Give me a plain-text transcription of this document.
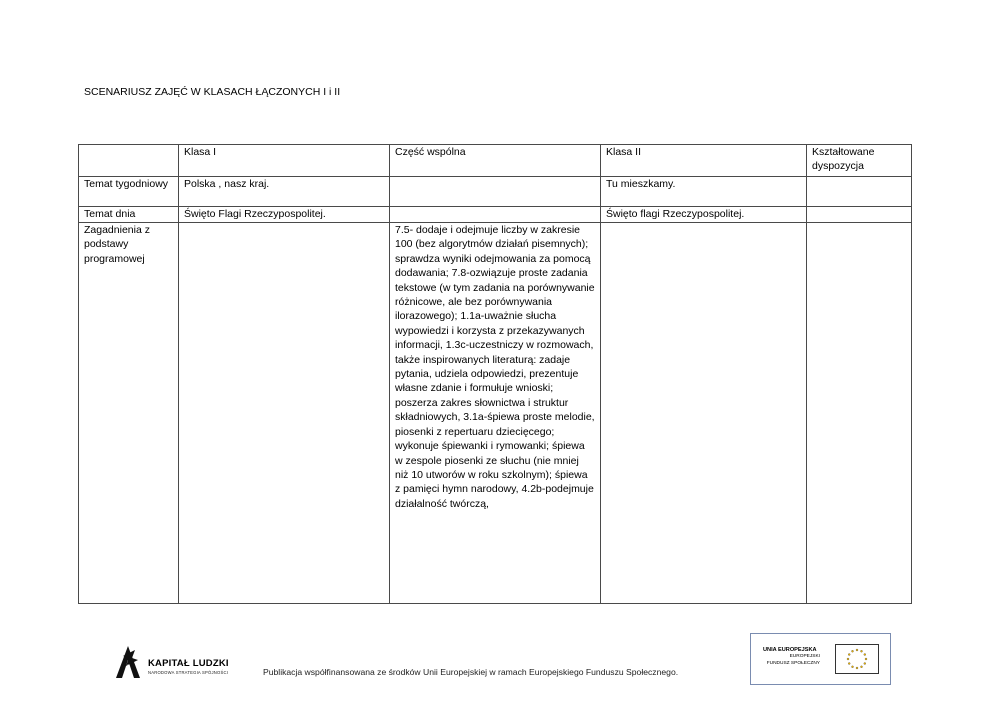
SCENARIUSZ ZAJĘĆ W KLASACH ŁĄCZONYCH I i II
	Klasa I	Część wspólna	Klasa II	Kształtowane dyspozycja
Temat tygodniowy	Polska , nasz kraj.		Tu mieszkamy.	
Temat dnia	Święto Flagi Rzeczypospolitej.		Święto flagi Rzeczypospolitej.	
Zagadnienia z podstawy programowej		7.5- dodaje i odejmuje liczby w zakresie 100 (bez algorytmów działań pisemnych); sprawdza wyniki odejmowania za pomocą dodawania; 7.8-ozwiązuje proste zadania tekstowe (w tym zadania na porównywanie różnicowe, ale bez porównywania ilorazowego); 1.1a-uważnie słucha wypowiedzi i korzysta z przekazywanych informacji, 1.3c-uczestniczy w rozmowach, także inspirowanych literaturą: zadaje pytania, udziela odpowiedzi, prezentuje własne zdanie i formułuje wnioski; poszerza zakres słownictwa i struktur składniowych, 3.1a-śpiewa proste melodie, piosenki z repertuaru dziecięcego; wykonuje śpiewanki i rymowanki; śpiewa w zespole piosenki ze słuchu (nie mniej niż 10 utworów w roku szkolnym); śpiewa z pamięci hymn narodowy, 4.2b-podejmuje działalność twórczą,		
KAPITAŁ LUDZKI
NARODOWA STRATEGIA SPÓJNOŚCI	Publikacja współfinansowana ze środków Unii Europejskiej w ramach Europejskiego Funduszu Społecznego.
UNIA EUROPEJSKA
EUROPEJSKI
FUNDUSZ SPOŁECZNY
